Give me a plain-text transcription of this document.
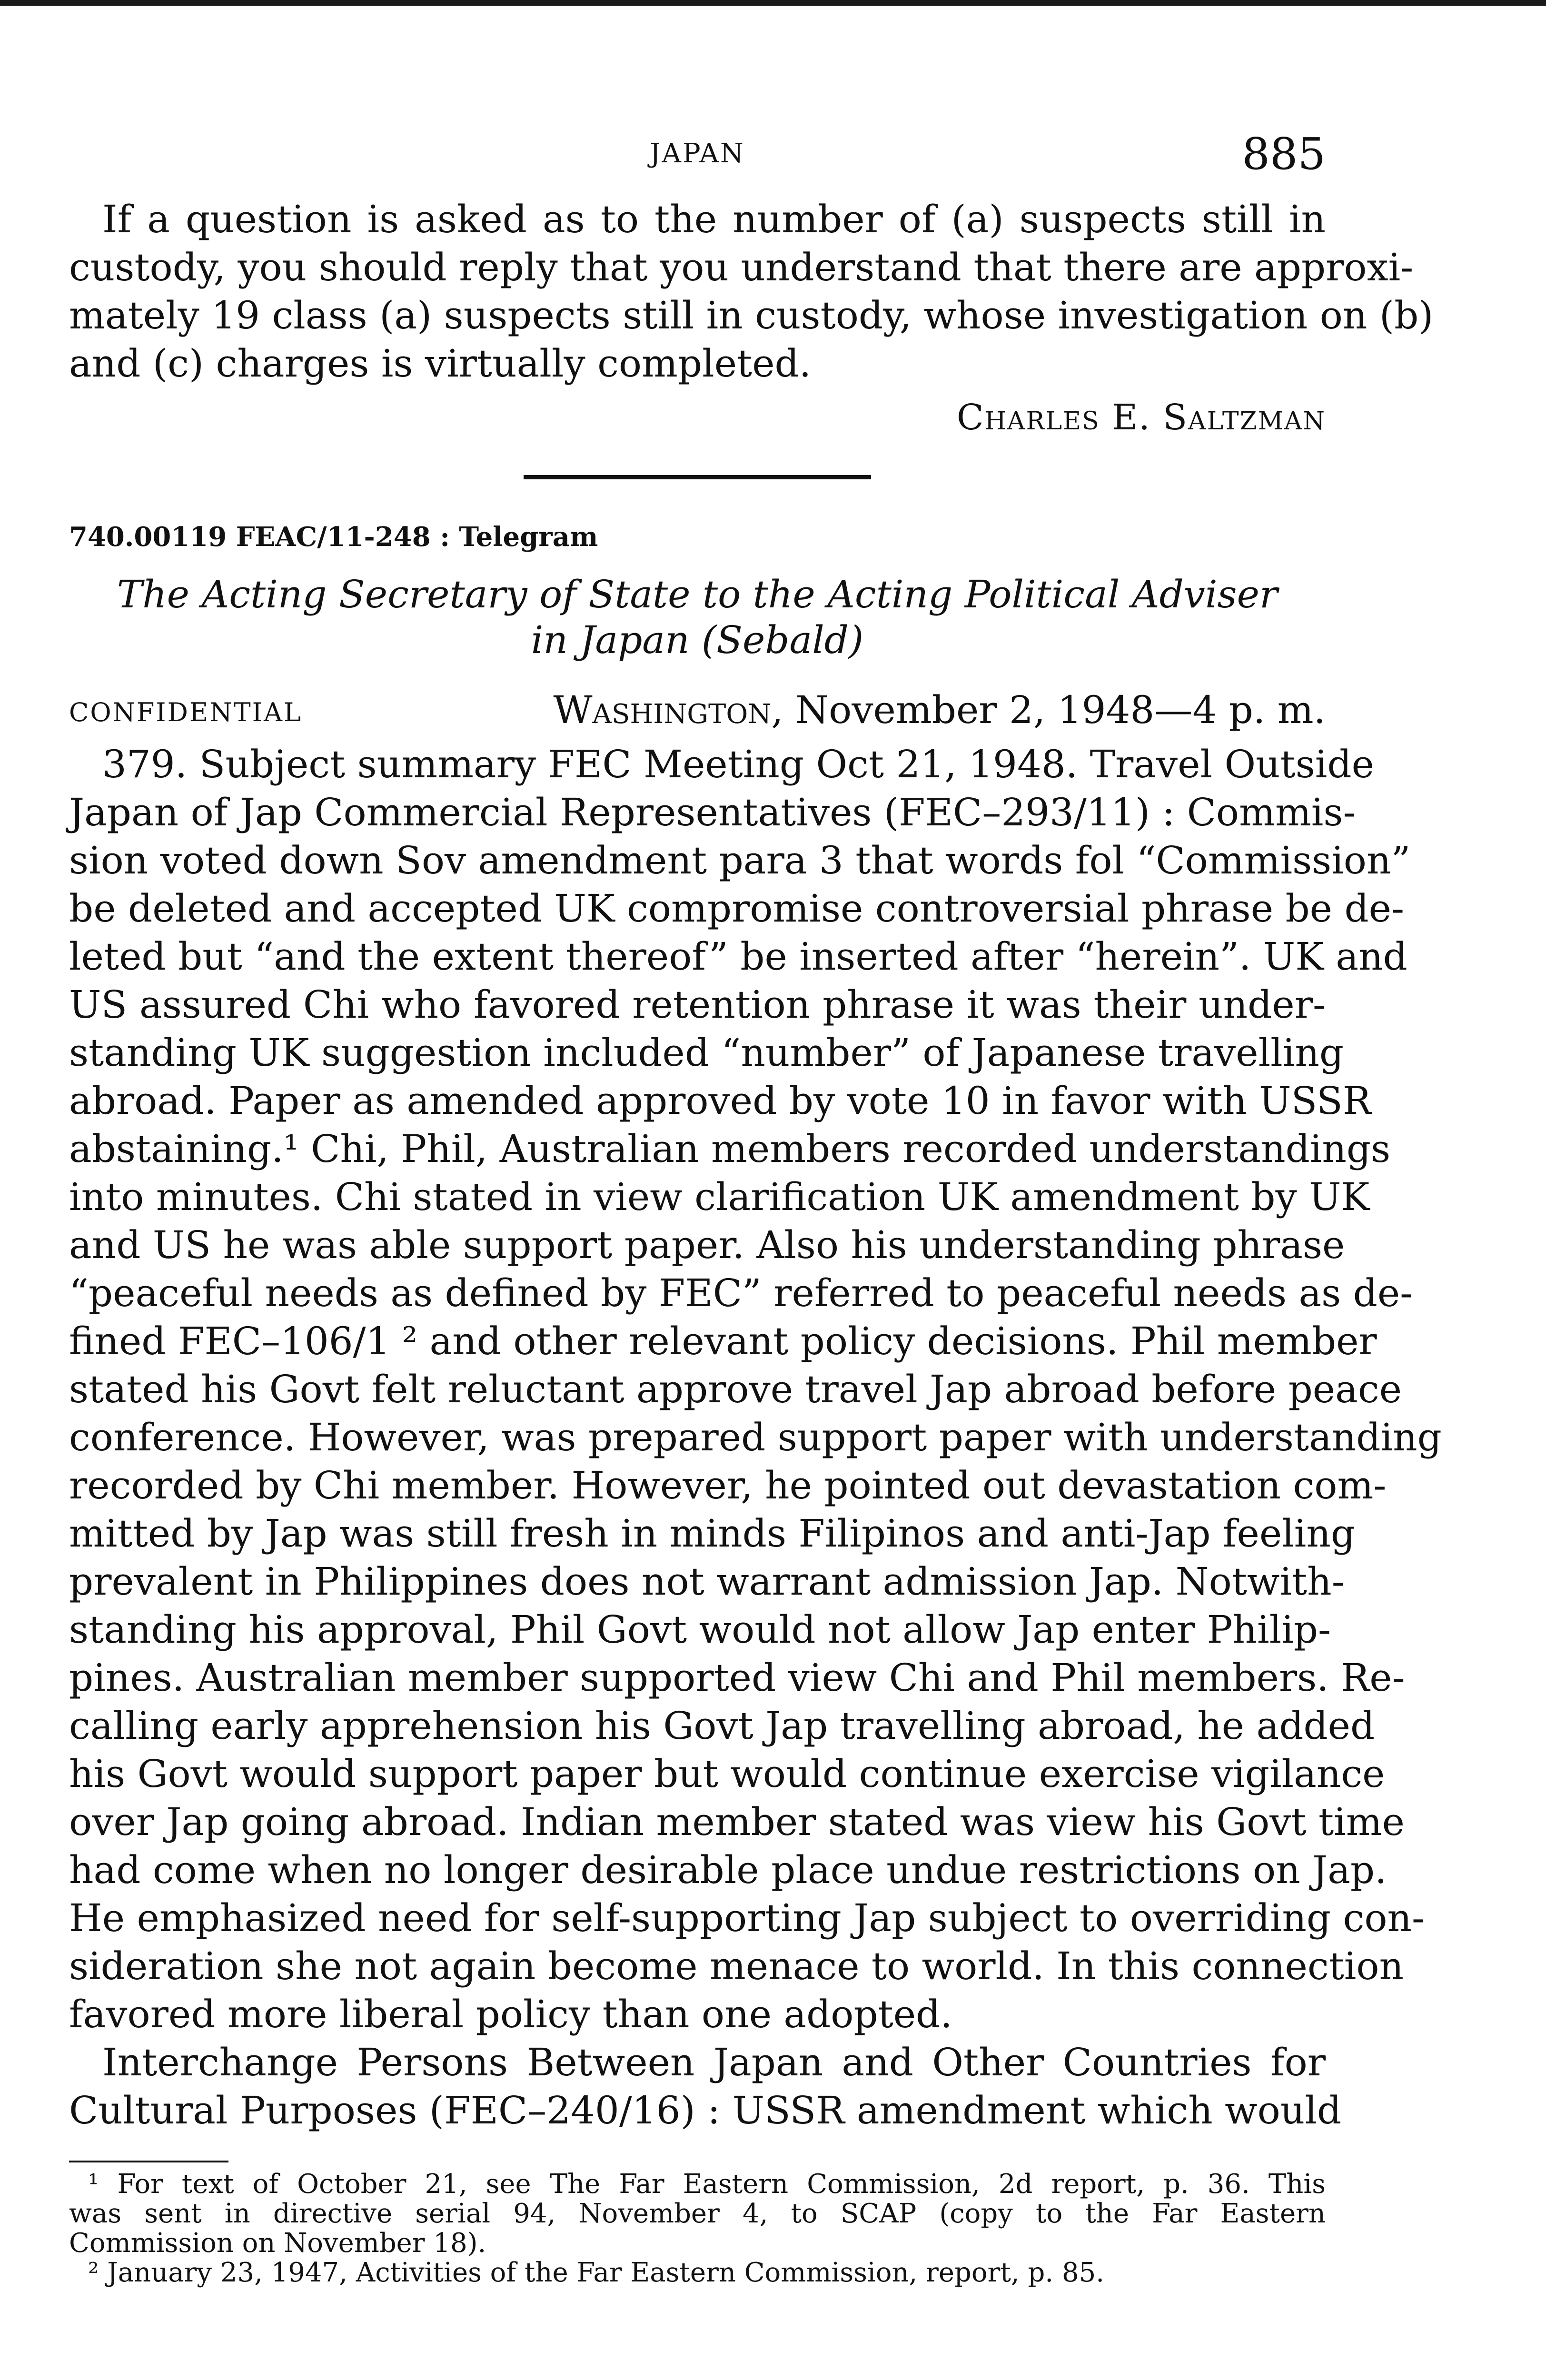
JAPAN	885

If a question is asked as to the number of (a) suspects still in
custody, you should reply that you understand that there are approxi-
mately 19 class (a) suspects still in custody, whose investigation on (b)
and (c) charges is virtually completed.

Charles E. Saltzman
740.00119 FEAC/11-248 : Telegram
The Acting Secretary of State to the Acting Political Adviser
in Japan (Sebald)
CONFIDENTIAL	Washington, November 2, 1948—4 p. m.

379. Subject summary FEC Meeting Oct 21, 1948. Travel Outside
Japan of Jap Commercial Representatives (FEC–293/11) : Commis-
sion voted down Sov amendment para 3 that words fol “Commission”
be deleted and accepted UK compromise controversial phrase be de-
leted but “and the extent thereof” be inserted after “herein”. UK and
US assured Chi who favored retention phrase it was their under-
standing UK suggestion included “number” of Japanese travelling
abroad. Paper as amended approved by vote 10 in favor with USSR
abstaining.¹ Chi, Phil, Australian members recorded understandings
into minutes. Chi stated in view clarification UK amendment by UK
and US he was able support paper. Also his understanding phrase
“peaceful needs as defined by FEC” referred to peaceful needs as de-
fined FEC–106/1 ² and other relevant policy decisions. Phil member
stated his Govt felt reluctant approve travel Jap abroad before peace
conference. However, was prepared support paper with understanding
recorded by Chi member. However, he pointed out devastation com-
mitted by Jap was still fresh in minds Filipinos and anti-Jap feeling
prevalent in Philippines does not warrant admission Jap. Notwith-
standing his approval, Phil Govt would not allow Jap enter Philip-
pines. Australian member supported view Chi and Phil members. Re-
calling early apprehension his Govt Jap travelling abroad, he added
his Govt would support paper but would continue exercise vigilance
over Jap going abroad. Indian member stated was view his Govt time
had come when no longer desirable place undue restrictions on Jap.
He emphasized need for self-supporting Jap subject to overriding con-
sideration she not again become menace to world. In this connection
favored more liberal policy than one adopted.

Interchange Persons Between Japan and Other Countries for
Cultural Purposes (FEC–240/16) : USSR amendment which would

¹ For text of October 21, see The Far Eastern Commission, 2d report, p. 36. This
was sent in directive serial 94, November 4, to SCAP (copy to the Far Eastern
Commission on November 18).
² January 23, 1947, Activities of the Far Eastern Commission, report, p. 85.
